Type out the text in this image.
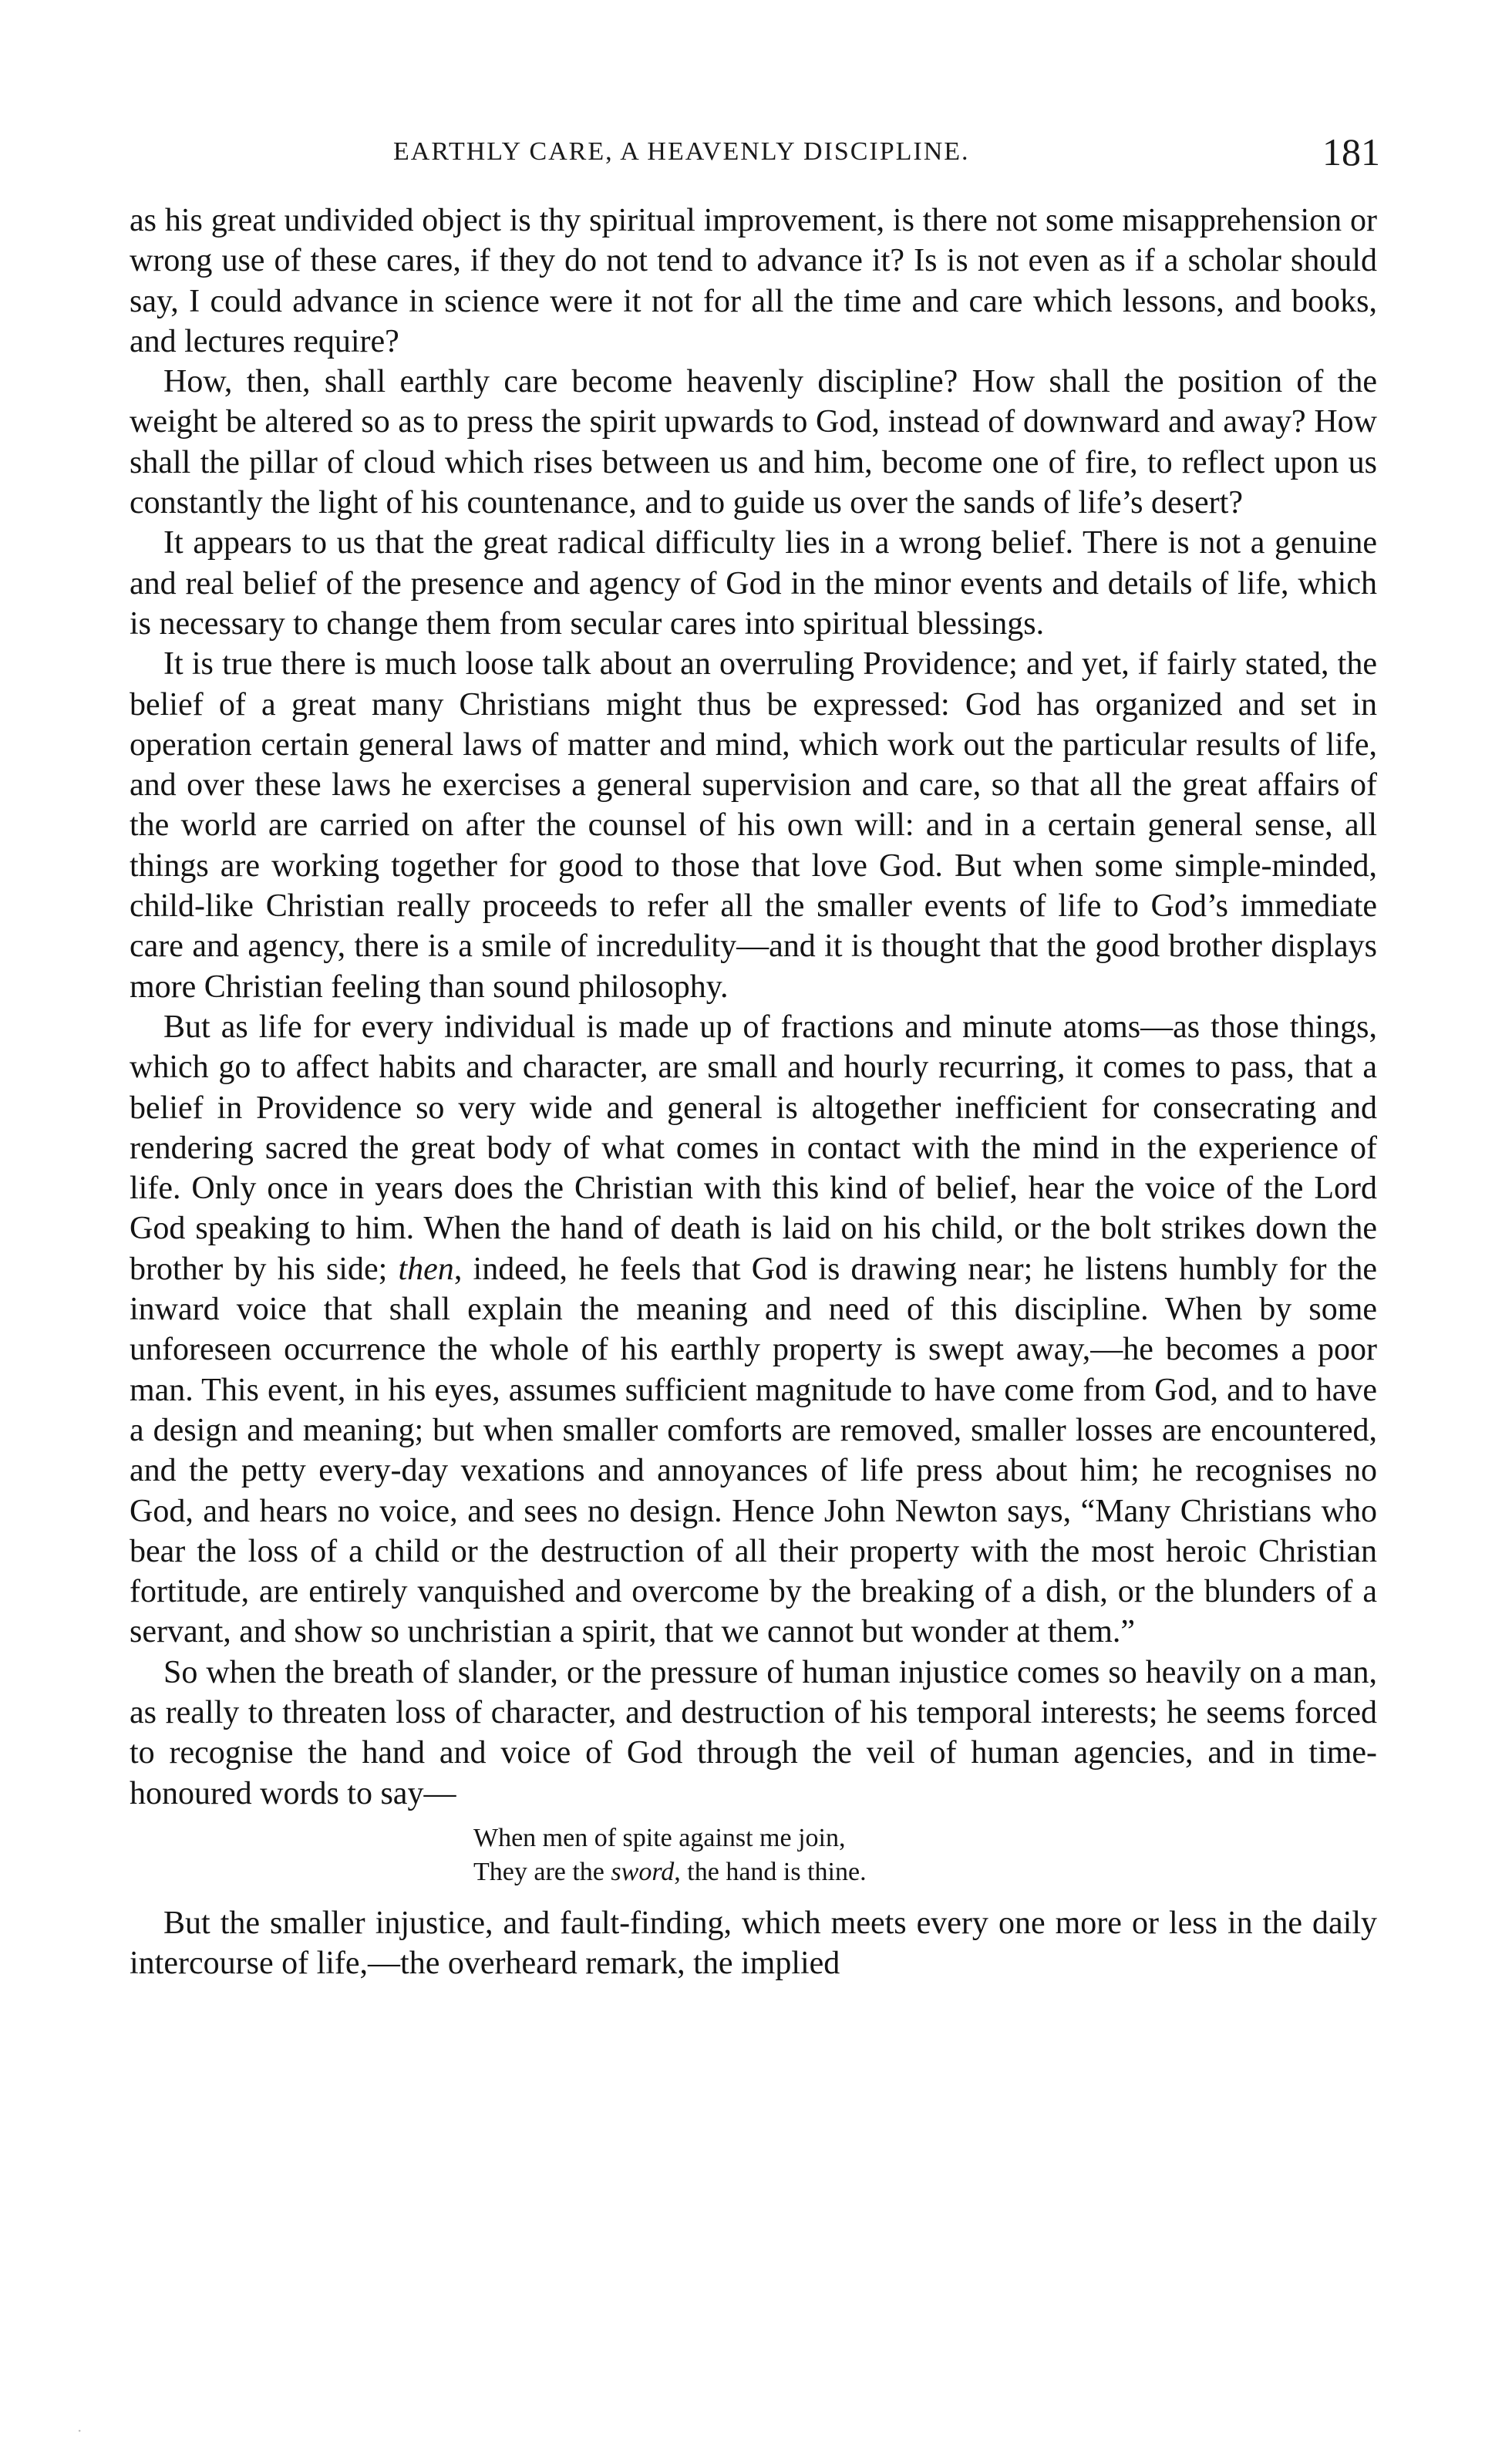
EARTHLY CARE, A HEAVENLY DISCIPLINE.	181

as his great undivided object is thy spiritual improvement, is there not some misapprehension or wrong use of these cares, if they do not tend to advance it? Is is not even as if a scholar should say, I could advance in science were it not for all the time and care which lessons, and books, and lectures require?

How, then, shall earthly care become heavenly discipline? How shall the position of the weight be altered so as to press the spirit upwards to God, instead of downward and away? How shall the pillar of cloud which rises between us and him, become one of fire, to reflect upon us constantly the light of his countenance, and to guide us over the sands of life’s desert?

It appears to us that the great radical difficulty lies in a wrong belief. There is not a genuine and real belief of the presence and agency of God in the minor events and details of life, which is necessary to change them from secular cares into spiritual blessings.

It is true there is much loose talk about an overruling Providence; and yet, if fairly stated, the belief of a great many Christians might thus be expressed: God has organized and set in operation certain general laws of matter and mind, which work out the particular results of life, and over these laws he exercises a general supervision and care, so that all the great affairs of the world are carried on after the counsel of his own will: and in a certain general sense, all things are working together for good to those that love God. But when some simple-minded, child-like Christian really proceeds to refer all the smaller events of life to God’s immediate care and agency, there is a smile of incredulity—and it is thought that the good brother displays more Christian feeling than sound philosophy.

But as life for every individual is made up of fractions and minute atoms—as those things, which go to affect habits and character, are small and hourly recurring, it comes to pass, that a belief in Providence so very wide and general is altogether inefficient for consecrating and rendering sacred the great body of what comes in contact with the mind in the experience of life. Only once in years does the Christian with this kind of belief, hear the voice of the Lord God speaking to him. When the hand of death is laid on his child, or the bolt strikes down the brother by his side; then, indeed, he feels that God is drawing near; he listens humbly for the inward voice that shall explain the meaning and need of this discipline. When by some unforeseen occurrence the whole of his earthly property is swept away,—he becomes a poor man. This event, in his eyes, assumes sufficient magnitude to have come from God, and to have a design and meaning; but when smaller comforts are removed, smaller losses are encountered, and the petty every-day vexations and annoyances of life press about him; he recognises no God, and hears no voice, and sees no design. Hence John Newton says, “Many Christians who bear the loss of a child or the destruction of all their property with the most heroic Christian fortitude, are entirely vanquished and overcome by the breaking of a dish, or the blunders of a servant, and show so unchristian a spirit, that we cannot but wonder at them.”

So when the breath of slander, or the pressure of human injustice comes so heavily on a man, as really to threaten loss of character, and destruction of his temporal interests; he seems forced to recognise the hand and voice of God through the veil of human agencies, and in time-honoured words to say—

When men of spite against me join,
They are the sword, the hand is thine.

But the smaller injustice, and fault-finding, which meets every one more or less in the daily intercourse of life,—the overheard remark, the implied

·
